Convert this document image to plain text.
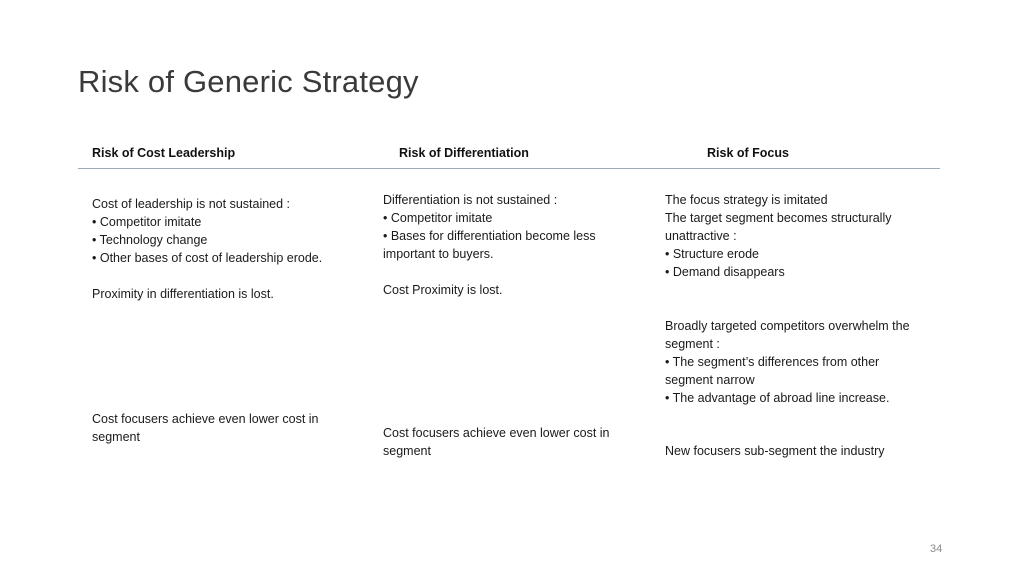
Risk of Generic Strategy
Risk of Cost Leadership	Risk of Differentiation	Risk of Focus
Cost of leadership is not sustained :
• Competitor imitate
• Technology change
• Other bases of cost of leadership erode.
Proximity in differentiation is lost.
Cost focusers achieve even lower cost in segment
Differentiation is not sustained :
• Competitor imitate
• Bases for differentiation become less important to buyers.
Cost Proximity is lost.
Cost focusers achieve even lower cost in segment
The focus strategy is imitated
The target segment becomes structurally unattractive :
• Structure erode
• Demand disappears
Broadly targeted competitors overwhelm the segment :
• The segment’s differences from other segment narrow
• The advantage of abroad line increase.
New focusers sub-segment the industry
34
